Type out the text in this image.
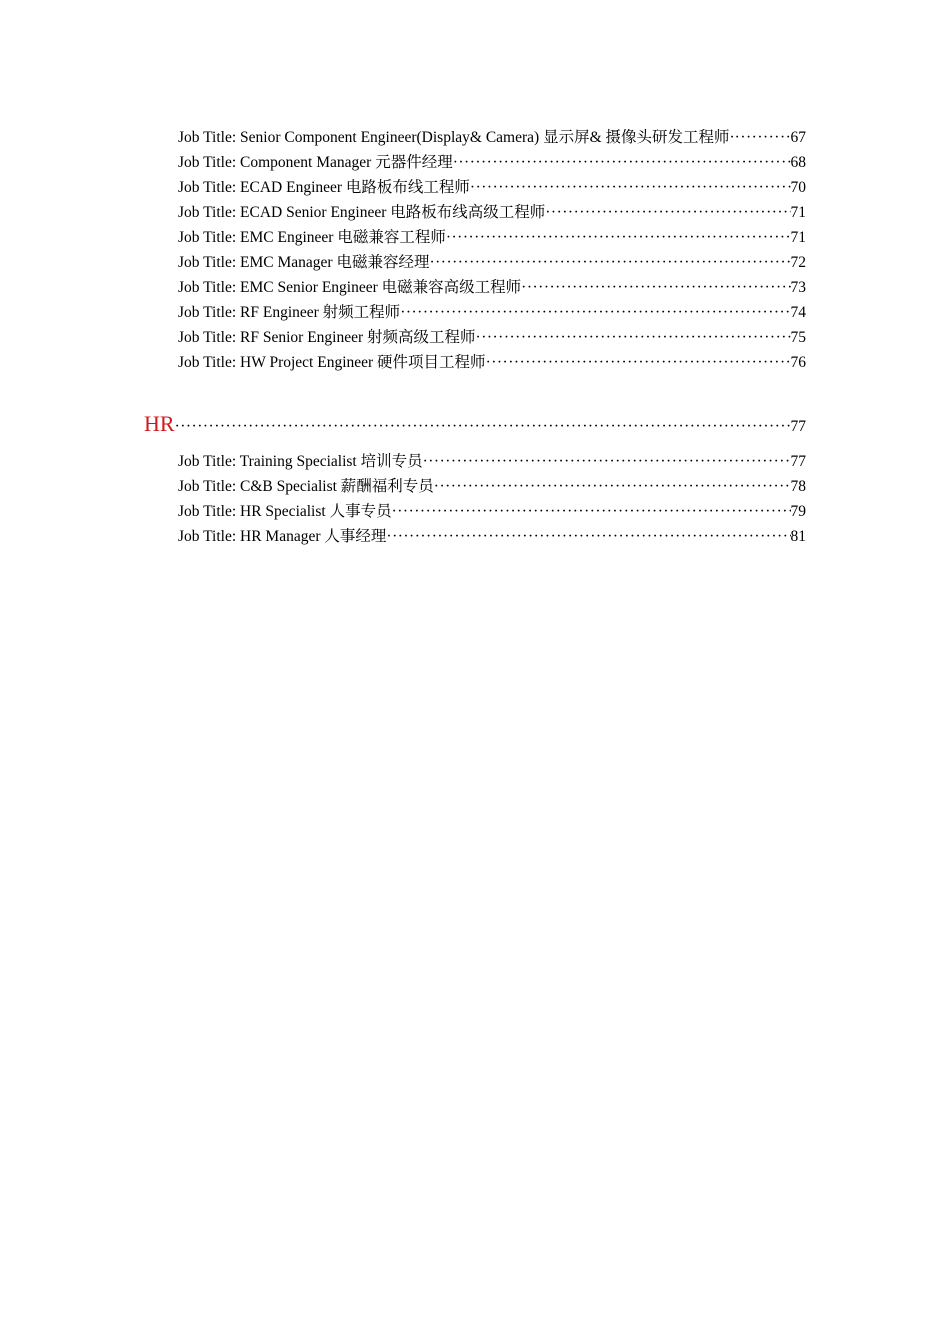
Job Title: Senior Component Engineer(Display& Camera) 显示屏& 摄像头研发工程师· ·····	67
Job Title: Component Manager 元器件经理 ·····	68
Job Title: ECAD Engineer 电路板布线工程师 ·····	70
Job Title: ECAD Senior Engineer 电路板布线高级工程师 ·····	71
Job Title: EMC Engineer 电磁兼容工程师 ·····	71
Job Title: EMC Manager 电磁兼容经理 ·····	72
Job Title: EMC Senior Engineer 电磁兼容高级工程师 ·····	73
Job Title: RF Engineer 射频工程师 ·····	74
Job Title: RF Senior Engineer 射频高级工程师 ·····	75
Job Title: HW Project Engineer 硬件项目工程师 ·····	76
HR ·····	77
Job Title: Training Specialist 培训专员 ·····	77
Job Title: C&B Specialist 薪酬福利专员 ·····	78
Job Title: HR Specialist 人事专员 ·····	79
Job Title: HR Manager 人事经理 ·····	81
